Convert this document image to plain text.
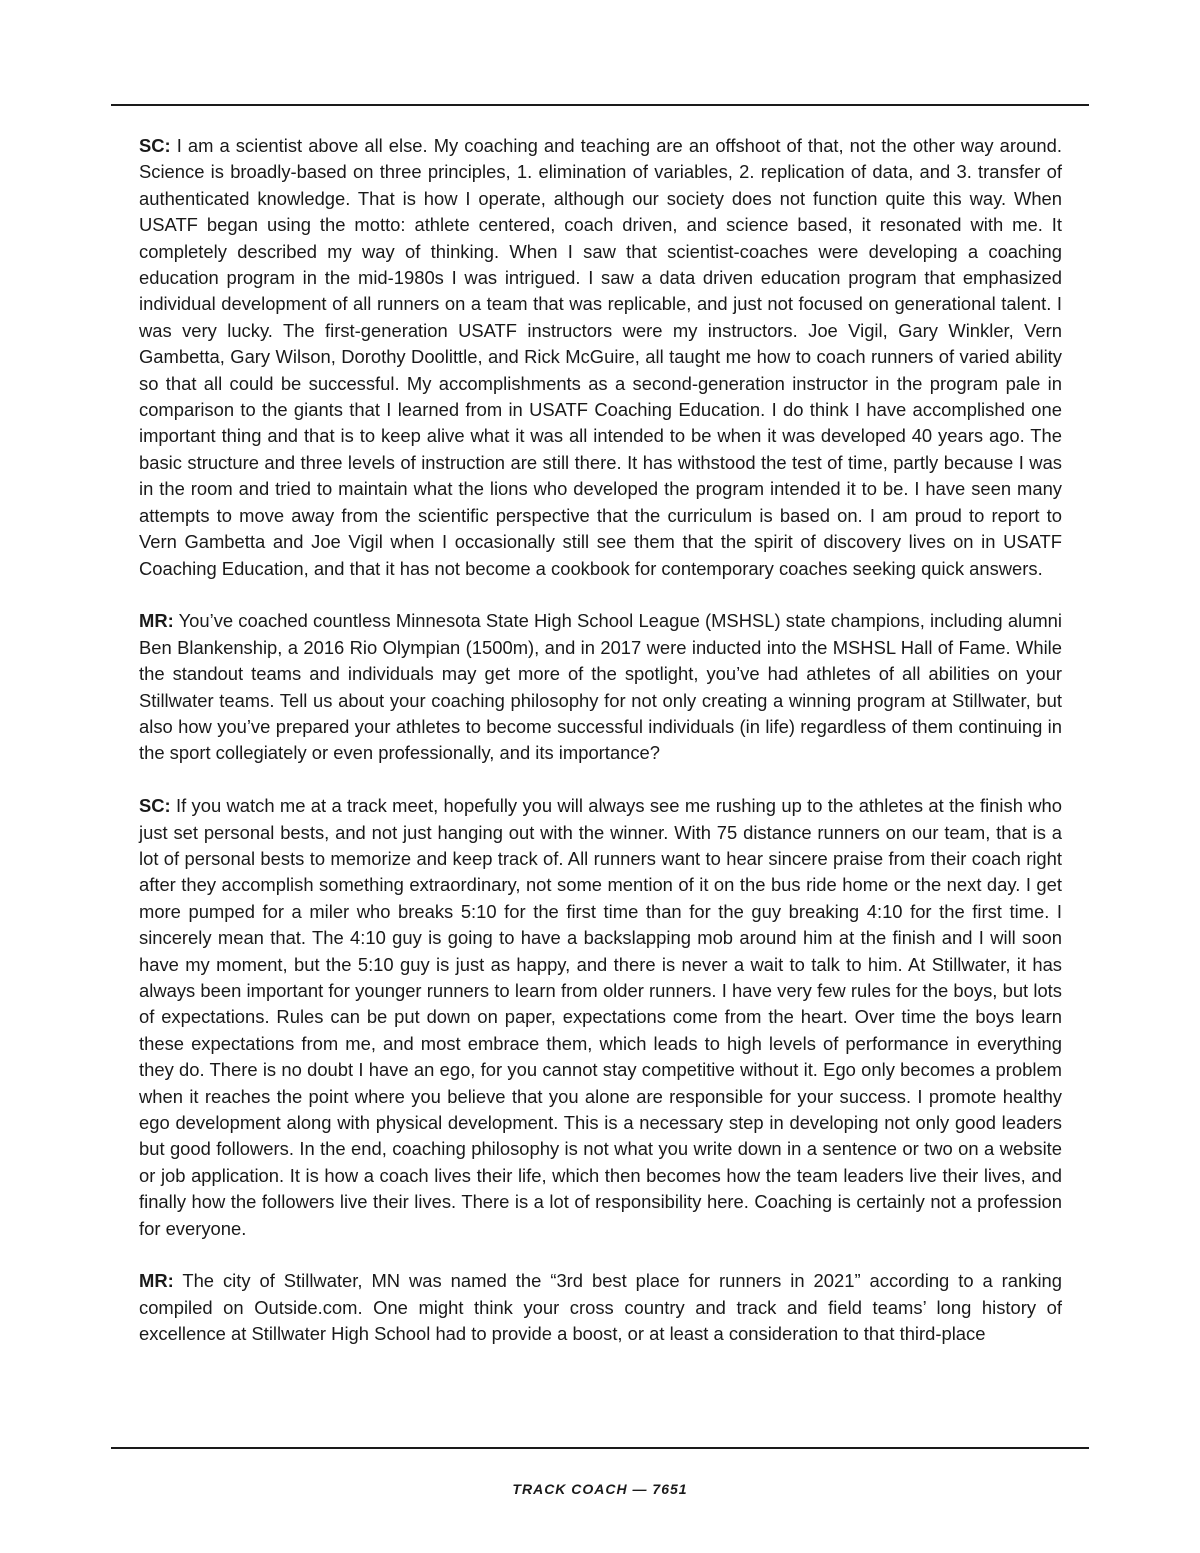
SC: I am a scientist above all else. My coaching and teaching are an offshoot of that, not the other way around. Science is broadly-based on three principles, 1. elimination of variables, 2. replication of data, and 3. transfer of authenticated knowledge. That is how I operate, although our society does not function quite this way. When USATF began using the motto: athlete centered, coach driven, and science based, it resonated with me. It completely described my way of thinking. When I saw that scientist-coaches were developing a coaching education program in the mid-1980s I was intrigued. I saw a data driven education program that emphasized individual development of all runners on a team that was replicable, and just not focused on generational talent. I was very lucky. The first-generation USATF instructors were my instructors. Joe Vigil, Gary Winkler, Vern Gambetta, Gary Wilson, Dorothy Doolittle, and Rick McGuire, all taught me how to coach runners of varied ability so that all could be successful. My accomplishments as a second-generation instructor in the program pale in comparison to the giants that I learned from in USATF Coaching Education. I do think I have accomplished one important thing and that is to keep alive what it was all intended to be when it was developed 40 years ago. The basic structure and three levels of instruction are still there. It has withstood the test of time, partly because I was in the room and tried to maintain what the lions who developed the program intended it to be. I have seen many attempts to move away from the scientific perspective that the curriculum is based on. I am proud to report to Vern Gambetta and Joe Vigil when I occasionally still see them that the spirit of discovery lives on in USATF Coaching Education, and that it has not become a cookbook for contemporary coaches seeking quick answers.

MR: You’ve coached countless Minnesota State High School League (MSHSL) state champions, including alumni Ben Blankenship, a 2016 Rio Olympian (1500m), and in 2017 were inducted into the MSHSL Hall of Fame. While the standout teams and individuals may get more of the spotlight, you’ve had athletes of all abilities on your Stillwater teams. Tell us about your coaching philosophy for not only creating a winning program at Stillwater, but also how you’ve prepared your athletes to become successful individuals (in life) regardless of them continuing in the sport collegiately or even professionally, and its importance?

SC: If you watch me at a track meet, hopefully you will always see me rushing up to the athletes at the finish who just set personal bests, and not just hanging out with the winner. With 75 distance runners on our team, that is a lot of personal bests to memorize and keep track of. All runners want to hear sincere praise from their coach right after they accomplish something extraordinary, not some mention of it on the bus ride home or the next day. I get more pumped for a miler who breaks 5:10 for the first time than for the guy breaking 4:10 for the first time. I sincerely mean that. The 4:10 guy is going to have a backslapping mob around him at the finish and I will soon have my moment, but the 5:10 guy is just as happy, and there is never a wait to talk to him. At Stillwater, it has always been important for younger runners to learn from older runners. I have very few rules for the boys, but lots of expectations. Rules can be put down on paper, expectations come from the heart. Over time the boys learn these expectations from me, and most embrace them, which leads to high levels of performance in everything they do. There is no doubt I have an ego, for you cannot stay competitive without it. Ego only becomes a problem when it reaches the point where you believe that you alone are responsible for your success. I promote healthy ego development along with physical development. This is a necessary step in developing not only good leaders but good followers. In the end, coaching philosophy is not what you write down in a sentence or two on a website or job application. It is how a coach lives their life, which then becomes how the team leaders live their lives, and finally how the followers live their lives. There is a lot of responsibility here. Coaching is certainly not a profession for everyone.

MR: The city of Stillwater, MN was named the “3rd best place for runners in 2021” according to a ranking compiled on Outside.com. One might think your cross country and track and field teams’ long history of excellence at Stillwater High School had to provide a boost, or at least a consideration to that third-place

TRACK COACH — 7651
